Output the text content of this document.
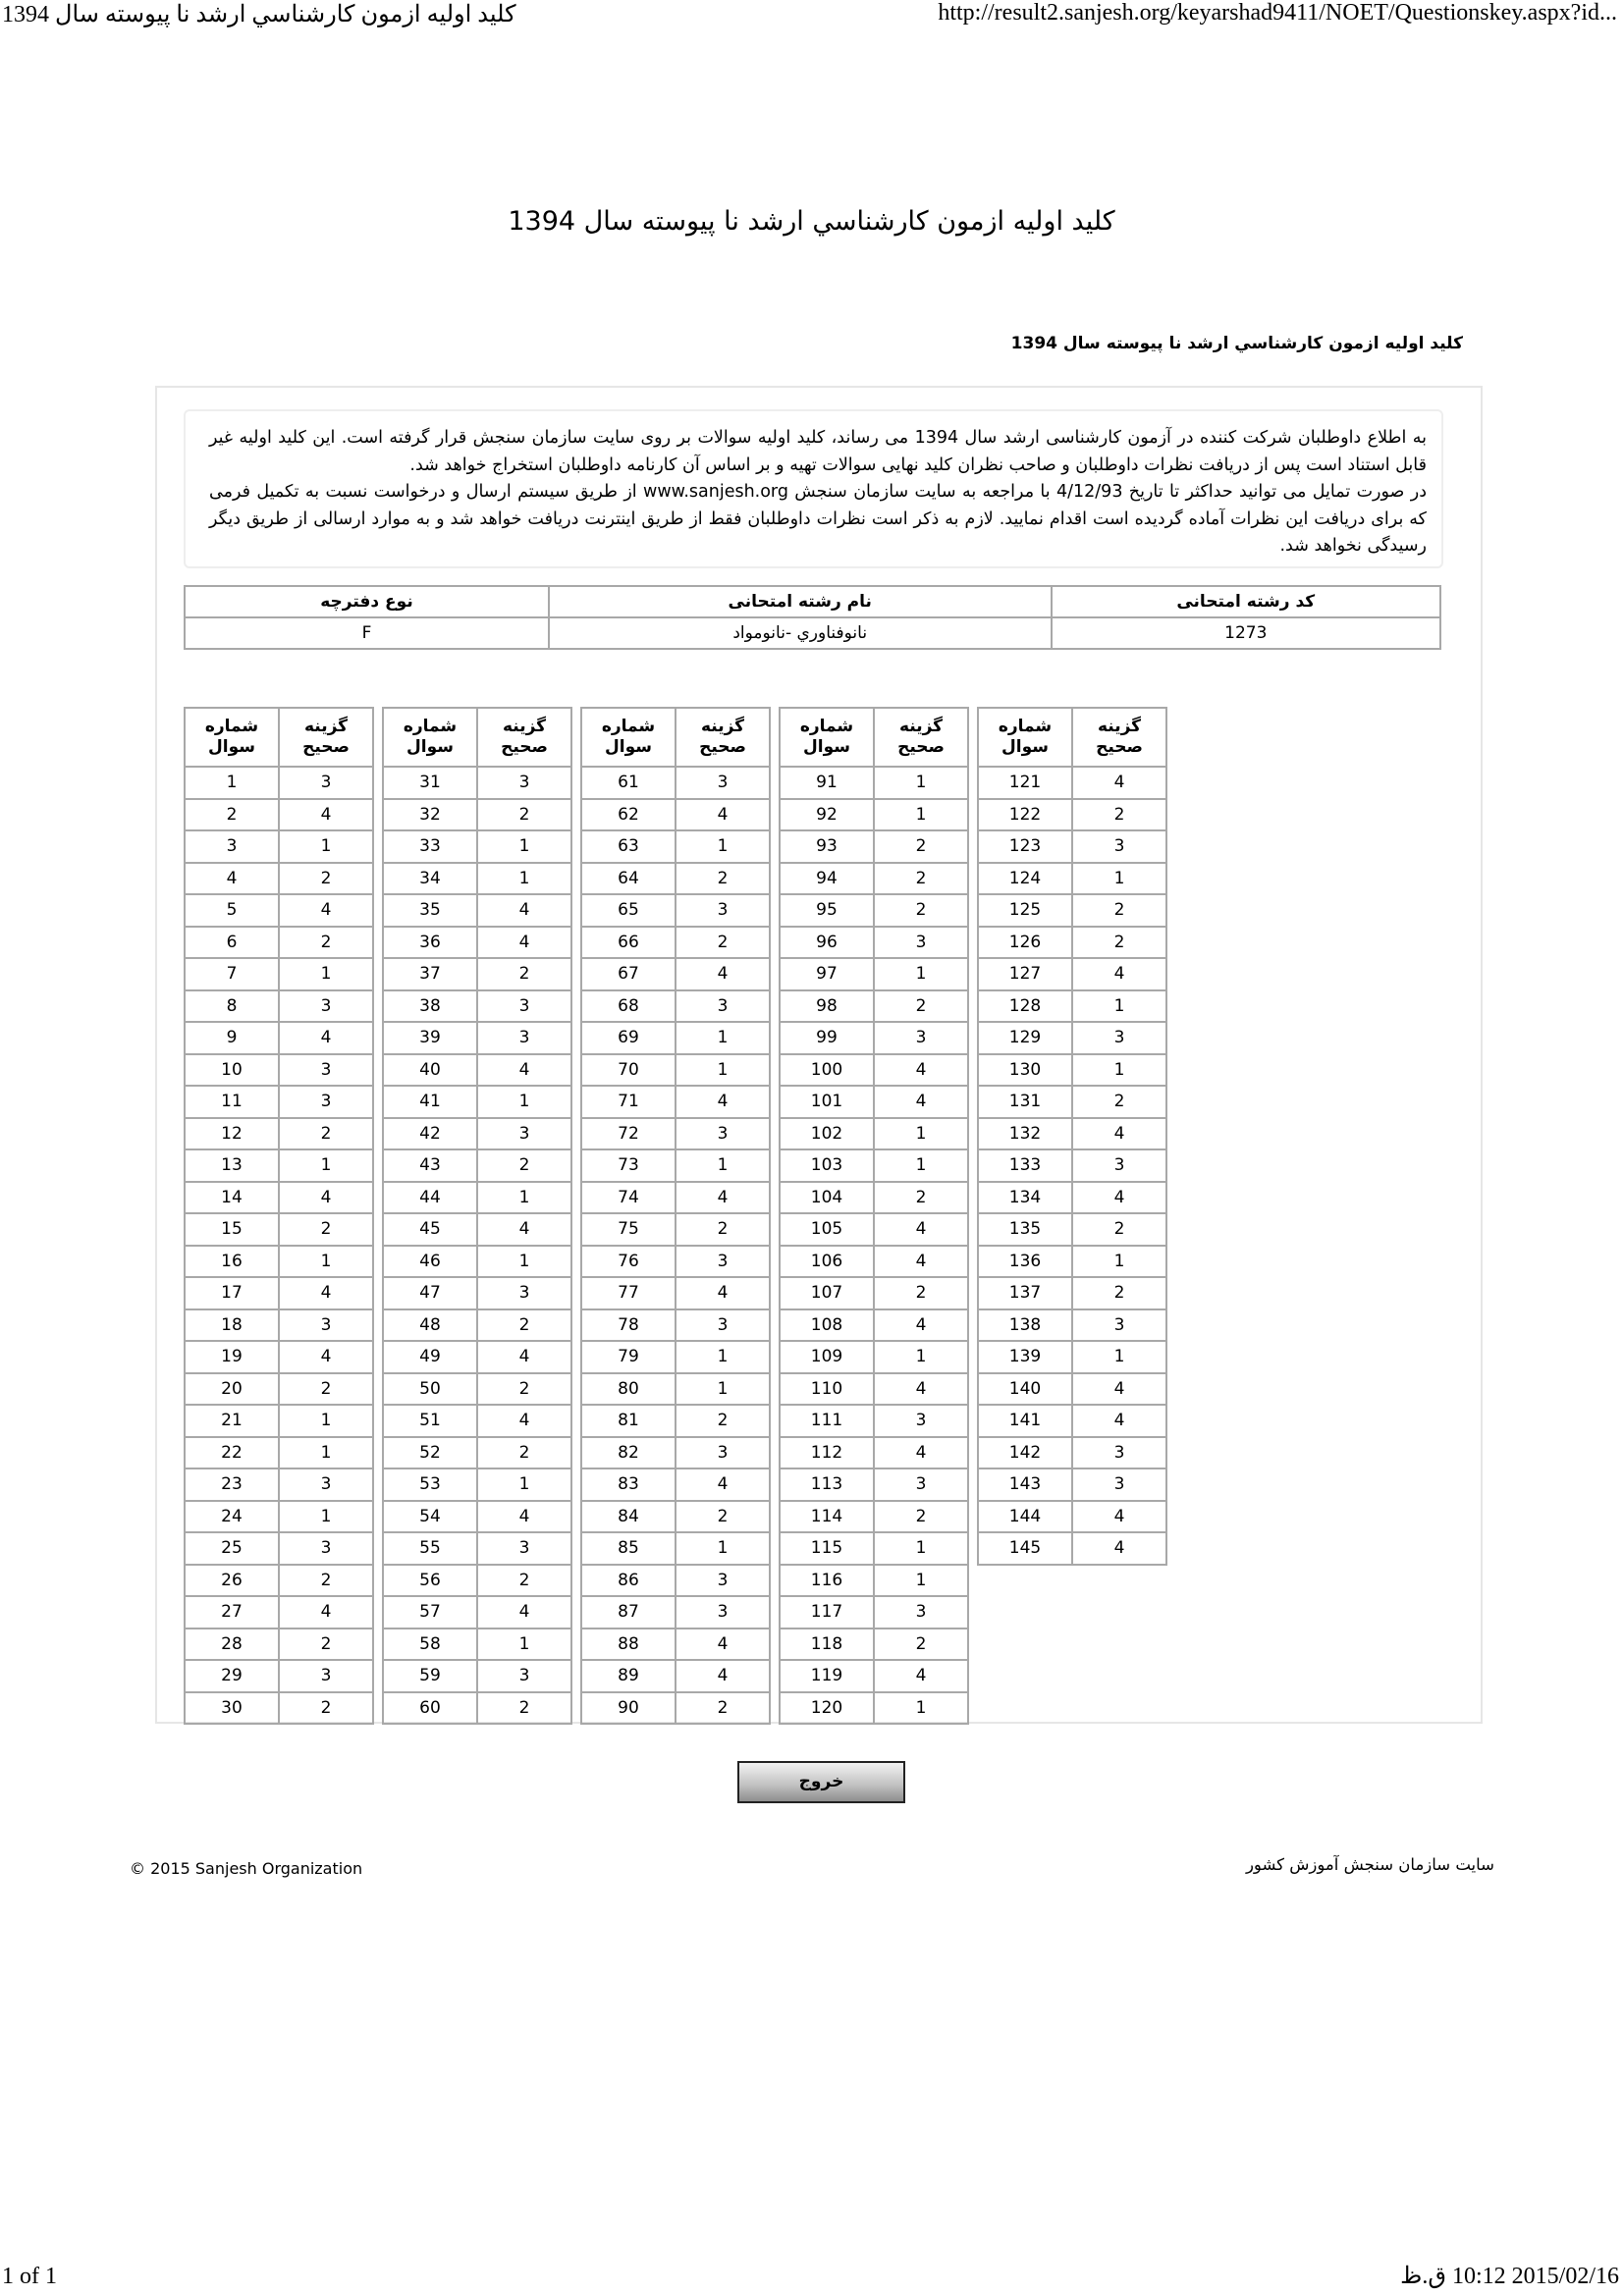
كليد اوليه ازمون كارشناسي ارشد نا پيوسته سال 1394	http://result2.sanjesh.org/keyarshad9411/NOET/Questionskey.aspx?id...
كليد اوليه ازمون كارشناسي ارشد نا پيوسته سال 1394
كليد اوليه ازمون كارشناسي ارشد نا پيوسته سال 1394

به اطلاع داوطلبان شرکت کننده در آزمون کارشناسی ارشد سال 1394 می رساند، کلید اولیه سوالات بر روی سایت سازمان سنجش قرار گرفته است. این کلید اولیه غیر قابل استناد است پس از دریافت نظرات داوطلبان و صاحب نظران کلید نهایی سوالات تهیه و بر اساس آن کارنامه داوطلبان استخراج خواهد شد.

در صورت تمایل می توانید حداکثر تا تاریخ 4/12/93 با مراجعه به سایت سازمان سنجش www.sanjesh.org از طریق سیستم ارسال و درخواست نسبت به تکمیل فرمی که برای دریافت این نظرات آماده گردیده است اقدام نمایید. لازم به ذکر است نظرات داوطلبان فقط از طریق اینترنت دریافت خواهد شد و به موارد ارسالی از طریق دیگر رسیدگی نخواهد شد.

کد رشته امتحانی	نام رشته امتحانی	نوع دفترچه
1273	نانوفناوري -نانومواد	F
شماره سوال	گزینه صحیح
1	3
2	4
3	1
4	2
5	4
6	2
7	1
8	3
9	4
10	3
11	3
12	2
13	1
14	4
15	2
16	1
17	4
18	3
19	4
20	2
21	1
22	1
23	3
24	1
25	3
26	2
27	4
28	2
29	3
30	2
شماره سوال	گزینه صحیح
31	3
32	2
33	1
34	1
35	4
36	4
37	2
38	3
39	3
40	4
41	1
42	3
43	2
44	1
45	4
46	1
47	3
48	2
49	4
50	2
51	4
52	2
53	1
54	4
55	3
56	2
57	4
58	1
59	3
60	2
شماره سوال	گزینه صحیح
61	3
62	4
63	1
64	2
65	3
66	2
67	4
68	3
69	1
70	1
71	4
72	3
73	1
74	4
75	2
76	3
77	4
78	3
79	1
80	1
81	2
82	3
83	4
84	2
85	1
86	3
87	3
88	4
89	4
90	2
شماره سوال	گزینه صحیح
91	1
92	1
93	2
94	2
95	2
96	3
97	1
98	2
99	3
100	4
101	4
102	1
103	1
104	2
105	4
106	4
107	2
108	4
109	1
110	4
111	3
112	4
113	3
114	2
115	1
116	1
117	3
118	2
119	4
120	1
شماره سوال	گزینه صحیح
121	4
122	2
123	3
124	1
125	2
126	2
127	4
128	1
129	3
130	1
131	2
132	4
133	3
134	4
135	2
136	1
137	2
138	3
139	1
140	4
141	4
142	3
143	3
144	4
145	4
خروج
© 2015 Sanjesh Organization	سایت سازمان سنجش آموزش کشور
1 of 1	2015/02/16 10:12 ق.ظ
